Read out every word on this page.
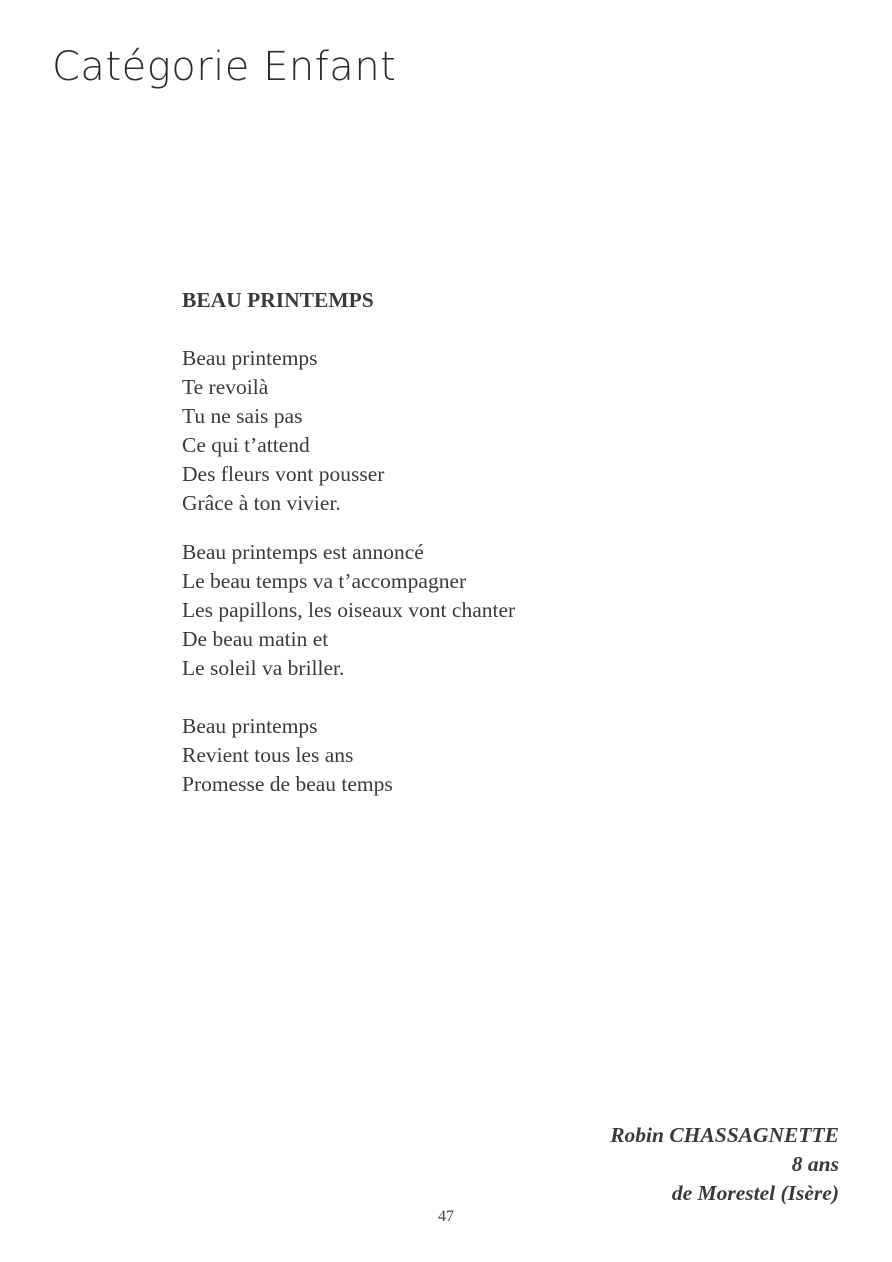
Catégorie Enfant
BEAU PRINTEMPS
Beau printemps
Te revoilà
Tu ne sais pas
Ce qui t’attend
Des fleurs vont pousser
Grâce à ton vivier.
Beau printemps est annoncé
Le beau temps va t’accompagner
Les papillons, les oiseaux vont chanter
De beau matin et
Le soleil va briller.
Beau printemps
Revient tous les ans
Promesse de beau temps
Robin CHASSAGNETTE
8 ans
de Morestel (Isère)
47
